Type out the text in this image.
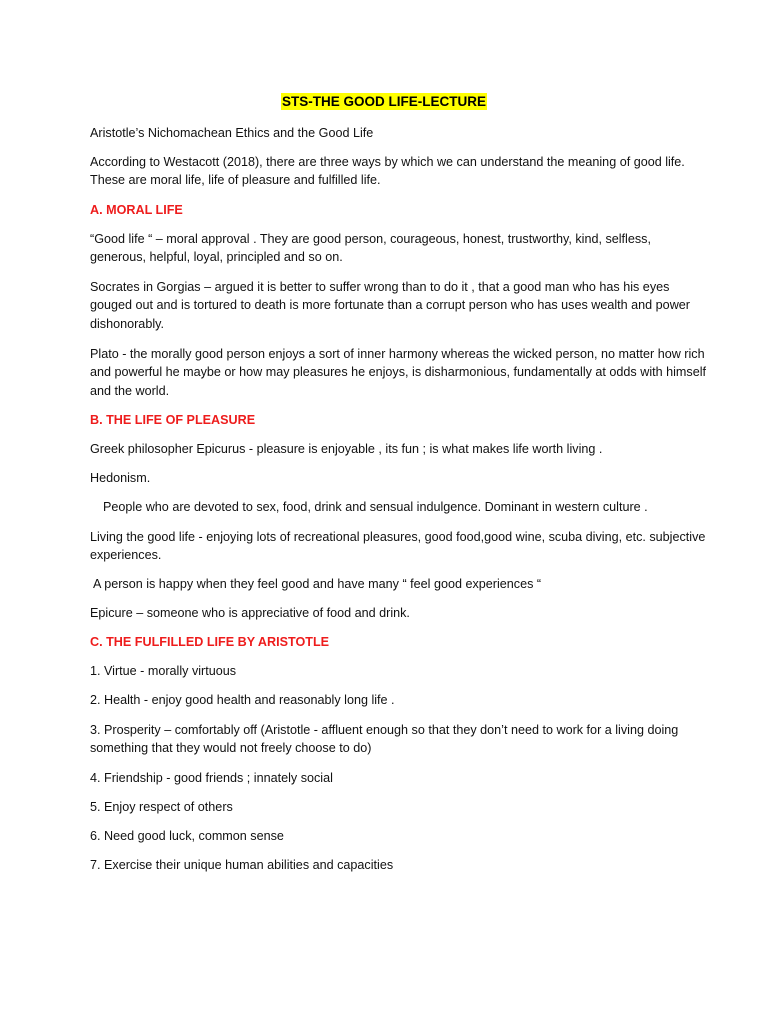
STS-THE GOOD LIFE-LECTURE

Aristotle’s Nichomachean Ethics and the Good Life

According to Westacott (2018), there are three ways by which we can understand the meaning of good life. These are moral life, life of pleasure and fulfilled life.

A. MORAL LIFE

“Good life “ – moral approval . They are good person, courageous, honest, trustworthy, kind, selfless, generous, helpful, loyal, principled and so on.

Socrates in Gorgias – argued it is better to suffer wrong than to do it , that a good man who has his eyes gouged out and is tortured to death is more fortunate than a corrupt person who has uses wealth and power dishonorably.

Plato - the morally good person enjoys a sort of inner harmony whereas the wicked person, no matter how rich and powerful he maybe or how may pleasures he enjoys, is disharmonious, fundamentally at odds with himself and the world.

B. THE LIFE OF PLEASURE

Greek philosopher Epicurus - pleasure is enjoyable , its fun ; is what makes life worth living .

Hedonism.

People who are devoted to sex, food, drink and sensual indulgence. Dominant in western culture .

Living the good life - enjoying lots of recreational pleasures, good food,good wine, scuba diving, etc. subjective experiences.

A person is happy when they feel good and have many “ feel good experiences “

Epicure – someone who is appreciative of food and drink.

C. THE FULFILLED LIFE BY ARISTOTLE

1. Virtue - morally virtuous

2. Health - enjoy good health and reasonably long life .

3. Prosperity – comfortably off (Aristotle - affluent enough so that they don’t need to work for a living doing something that they would not freely choose to do)

4. Friendship - good friends ; innately social

5. Enjoy respect of others

6. Need good luck, common sense

7. Exercise their unique human abilities and capacities
